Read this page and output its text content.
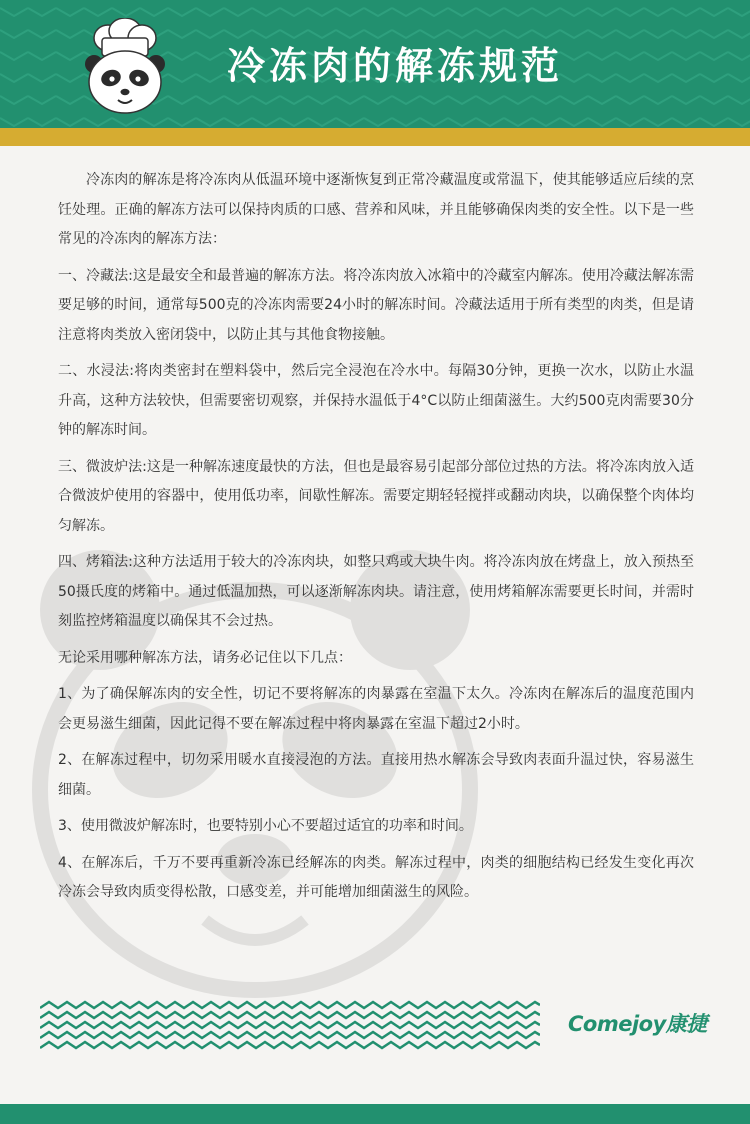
冷冻肉的解冻规范

冷冻肉的解冻是将冷冻肉从低温环境中逐渐恢复到正常冷藏温度或常温下，使其能够适应后续的烹饪处理。正确的解冻方法可以保持肉质的口感、营养和风味，并且能够确保肉类的安全性。以下是一些常见的冷冻肉的解冻方法：

一、冷藏法:这是最安全和最普遍的解冻方法。将冷冻肉放入冰箱中的冷藏室内解冻。使用冷藏法解冻需要足够的时间，通常每500克的冷冻肉需要24小时的解冻时间。冷藏法适用于所有类型的肉类，但是请注意将肉类放入密闭袋中，以防止其与其他食物接触。

二、水浸法:将肉类密封在塑料袋中，然后完全浸泡在冷水中。每隔30分钟，更换一次水，以防止水温升高，这种方法较快，但需要密切观察，并保持水温低于4°C以防止细菌滋生。大约500克肉需要30分钟的解冻时间。

三、微波炉法:这是一种解冻速度最快的方法，但也是最容易引起部分部位过热的方法。将冷冻肉放入适合微波炉使用的容器中，使用低功率，间歇性解冻。需要定期轻轻搅拌或翻动肉块，以确保整个肉体均匀解冻。

四、烤箱法:这种方法适用于较大的冷冻肉块，如整只鸡或大块牛肉。将冷冻肉放在烤盘上，放入预热至50摄氏度的烤箱中。通过低温加热，可以逐渐解冻肉块。请注意，使用烤箱解冻需要更长时间，并需时刻监控烤箱温度以确保其不会过热。

无论采用哪种解冻方法，请务必记住以下几点：

1、为了确保解冻肉的安全性，切记不要将解冻的肉暴露在室温下太久。冷冻肉在解冻后的温度范围内会更易滋生细菌，因此记得不要在解冻过程中将肉暴露在室温下超过2小时。

2、在解冻过程中，切勿采用暖水直接浸泡的方法。直接用热水解冻会导致肉表面升温过快，容易滋生细菌。

3、使用微波炉解冻时，也要特别小心不要超过适宜的功率和时间。

4、在解冻后，千万不要再重新冷冻已经解冻的肉类。解冻过程中，肉类的细胞结构已经发生变化再次冷冻会导致肉质变得松散，口感变差，并可能增加细菌滋生的风险。

Comejoy康捷
